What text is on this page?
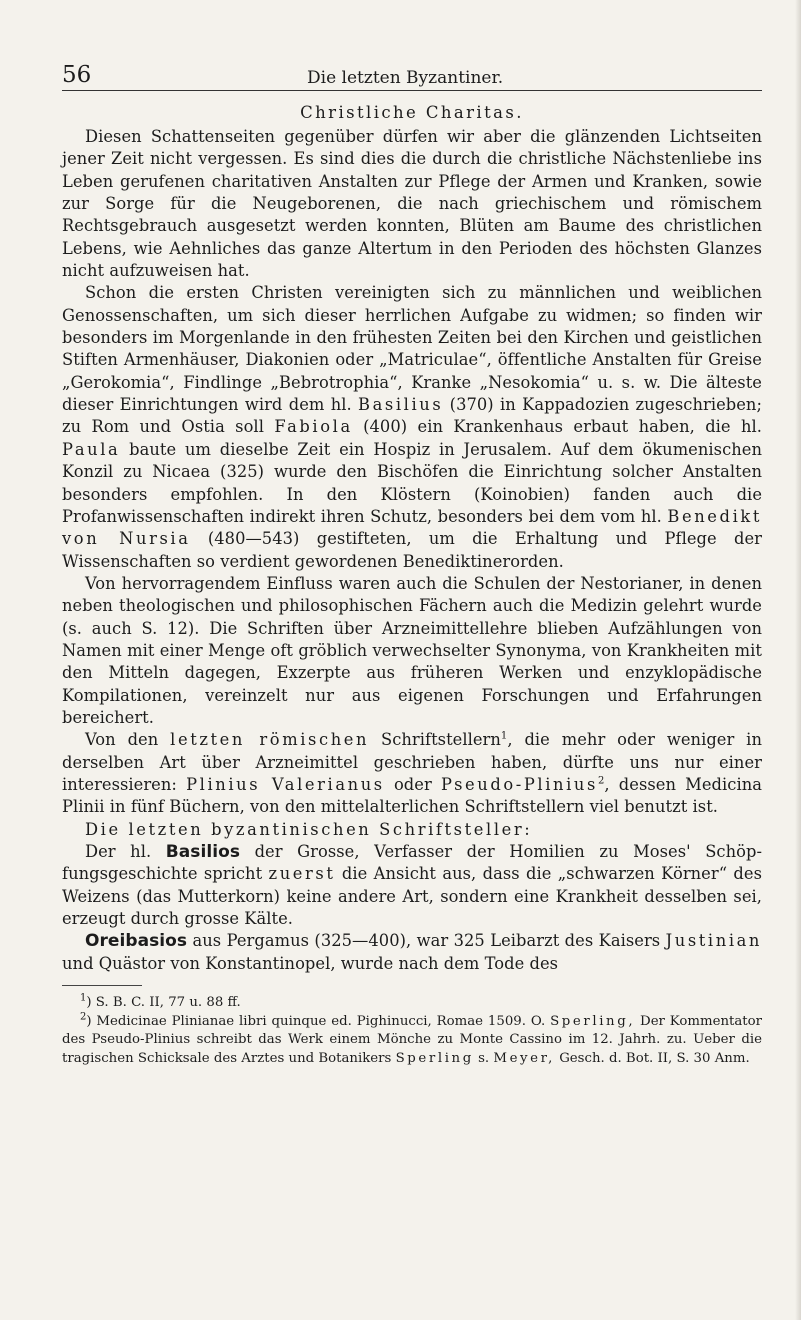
56	Die letzten Byzantiner.
Christliche Charitas.

Diesen Schattenseiten gegenüber dürfen wir aber die glänzenden Lichtseiten jener Zeit nicht vergessen. Es sind dies die durch die christliche Nächstenliebe ins Leben gerufenen charitativen Anstalten zur Pflege der Armen und Kranken, sowie zur Sorge für die Neugeborenen, die nach griechischem und römischem Rechtsgebrauch ausgesetzt werden konnten, Blüten am Baume des christlichen Lebens, wie Aehnliches das ganze Altertum in den Perioden des höchsten Glanzes nicht aufzuweisen hat.

Schon die ersten Christen vereinigten sich zu männlichen und weiblichen Genossenschaften, um sich dieser herrlichen Aufgabe zu widmen; so finden wir besonders im Morgenlande in den frühesten Zeiten bei den Kirchen und geistlichen Stiften Armenhäuser, Diakonien oder „Matriculae“, öffentliche Anstalten für Greise „Gerokomia“, Findlinge „Bebrotrophia“, Kranke „Nesokomia“ u. s. w. Die älteste dieser Einrichtungen wird dem hl. Basilius (370) in Kappadozien zugeschrieben; zu Rom und Ostia soll Fabiola (400) ein Krankenhaus erbaut haben, die hl. Paula baute um dieselbe Zeit ein Hospiz in Jerusalem. Auf dem ökumenischen Konzil zu Nicaea (325) wurde den Bischöfen die Einrichtung solcher Anstalten besonders empfohlen. In den Klöstern (Koinobien) fanden auch die Profanwissenschaften indirekt ihren Schutz, besonders bei dem vom hl. Benedikt von Nursia (480—543) gestifteten, um die Erhaltung und Pflege der Wissenschaften so verdient gewordenen Benediktinerorden.

Von hervorragendem Einfluss waren auch die Schulen der Nestorianer, in denen neben theologischen und philosophischen Fächern auch die Medizin gelehrt wurde (s. auch S. 12). Die Schriften über Arzneimittellehre blieben Aufzählungen von Namen mit einer Menge oft gröblich verwechselter Synonyma, von Krankheiten mit den Mitteln dagegen, Exzerpte aus früheren Werken und enzyklopädische Kompilationen, vereinzelt nur aus eigenen Forschungen und Erfahrungen bereichert.

Von den letzten römischen Schriftstellern$^1$, die mehr oder weniger in derselben Art über Arzneimittel geschrieben haben, dürfte uns nur einer interessieren: Plinius Valerianus oder Pseudo-Plinius$^2$, dessen Medicina Plinii in fünf Büchern, von den mittelalterlichen Schriftstellern viel benutzt ist.

Die letzten byzantinischen Schriftsteller:

Der hl. Basilios der Grosse, Verfasser der Homilien zu Moses' Schöpfungsgeschichte spricht zuerst die Ansicht aus, dass die „schwarzen Körner“ des Weizens (das Mutterkorn) keine andere Art, sondern eine Krankheit desselben sei, erzeugt durch grosse Kälte.

Oreibasios aus Pergamus (325—400), war 325 Leibarzt des Kaisers Justinian und Quästor von Konstantinopel, wurde nach dem Tode des

$^1$) S. B. C. II, 77 u. 88 ff.

$^2$) Medicinae Plinianae libri quinque ed. Pighinucci, Romae 1509. O. Sperling, Der Kommentator des Pseudo-Plinius schreibt das Werk einem Mönche zu Monte Cassino im 12. Jahrh. zu. Ueber die tragischen Schicksale des Arztes und Botanikers Sperling s. Meyer, Gesch. d. Bot. II, S. 30 Anm.
